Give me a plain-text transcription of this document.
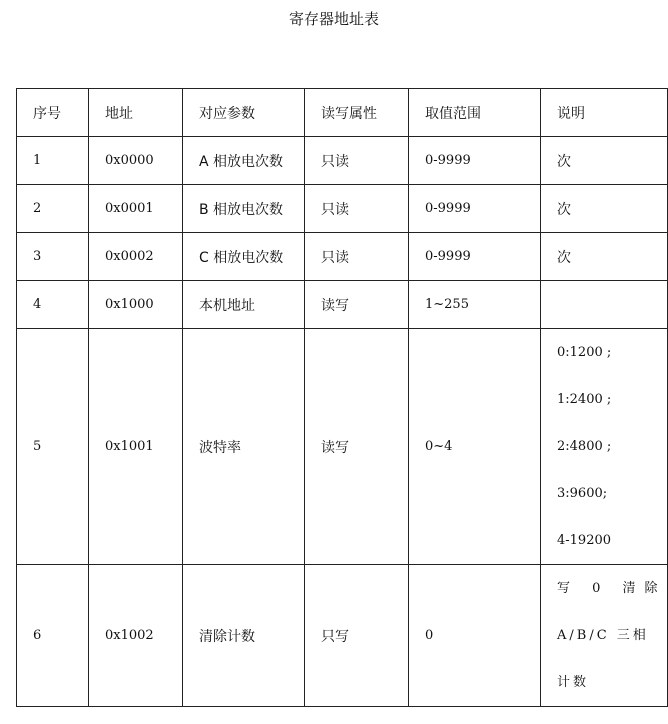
寄存器地址表
序号	地址	对应参数	读写属性	取值范围	说明
1	0x0000	A 相放电次数	只读	0-9999	次
2	0x0001	B 相放电次数	只读	0-9999	次
3	0x0002	C 相放电次数	只读	0-9999	次
4	0x1000	本机地址	读写	1~255	
5	0x1001	波特率	读写	0~4	0:1200 ;
1:2400 ;
2:4800 ;
3:9600;
4-19200

6	0x1002	清除计数	只写	0	写 0 清除
A/B/C 三相
计数
